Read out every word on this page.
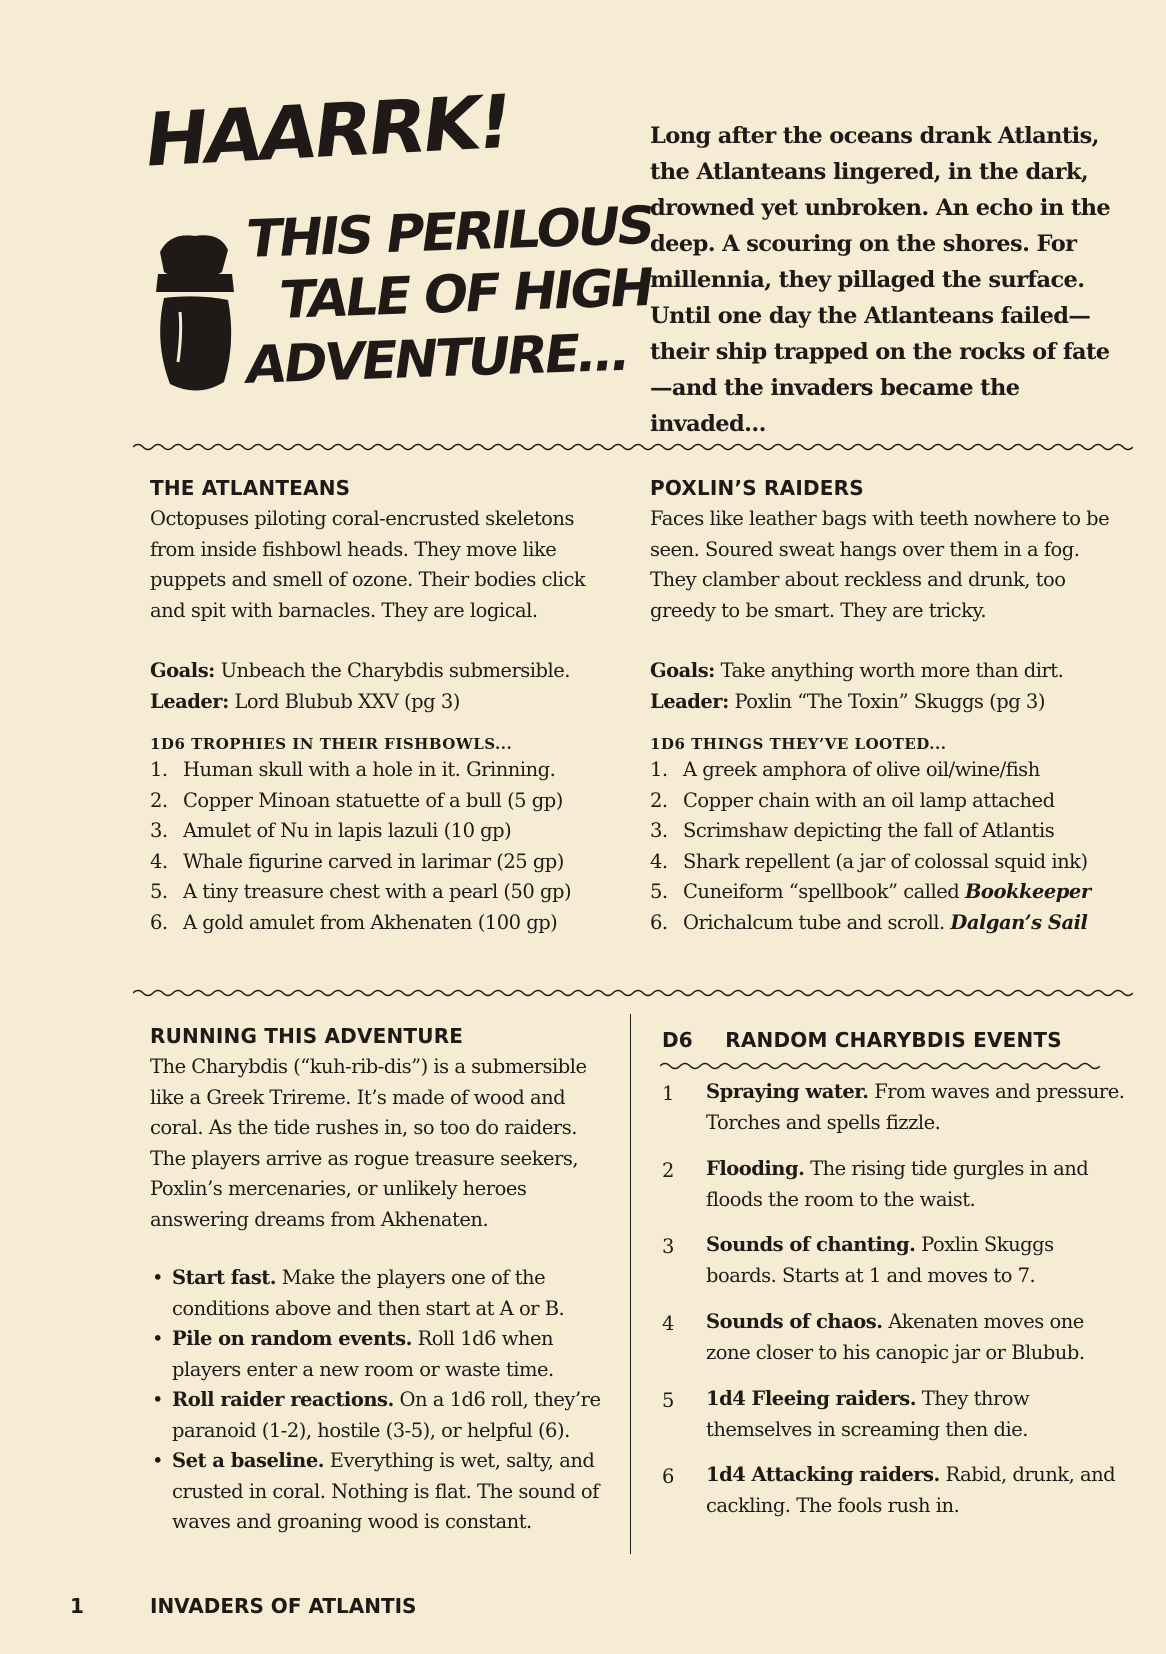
HAARRK!
THIS PERILOUS
TALE OF HIGH
ADVENTURE...
Long after the oceans drank Atlantis, the Atlanteans lingered, in the dark, drowned yet unbroken. An echo in the deep. A scouring on the shores. For millennia, they pillaged the surface. Until one day the Atlanteans failed—their ship trapped on the rocks of fate—and the invaders became the invaded...
THE ATLANTEANS
Octopuses piloting coral-encrusted skeletons from inside fishbowl heads. They move like puppets and smell of ozone. Their bodies click and spit with barnacles. They are logical.
Goals: Unbeach the Charybdis submersible.
Leader: Lord Blubub XXV (pg 3)
1D6 TROPHIES IN THEIR FISHBOWLS...
1. Human skull with a hole in it. Grinning.
2. Copper Minoan statuette of a bull (5 gp)
3. Amulet of Nu in lapis lazuli (10 gp)
4. Whale figurine carved in larimar (25 gp)
5. A tiny treasure chest with a pearl (50 gp)
6. A gold amulet from Akhenaten (100 gp)
POXLIN’S RAIDERS
Faces like leather bags with teeth nowhere to be seen. Soured sweat hangs over them in a fog. They clamber about reckless and drunk, too greedy to be smart. They are tricky.
Goals: Take anything worth more than dirt.
Leader: Poxlin “The Toxin” Skuggs (pg 3)
1D6 THINGS THEY’VE LOOTED...
1. A greek amphora of olive oil/wine/fish
2. Copper chain with an oil lamp attached
3. Scrimshaw depicting the fall of Atlantis
4. Shark repellent (a jar of colossal squid ink)
5. Cuneiform “spellbook” called Bookkeeper
6. Orichalcum tube and scroll. Dalgan’s Sail
RUNNING THIS ADVENTURE
The Charybdis (“kuh-rib-dis”) is a submersible like a Greek Trireme. It’s made of wood and coral. As the tide rushes in, so too do raiders. The players arrive as rogue treasure seekers, Poxlin’s mercenaries, or unlikely heroes answering dreams from Akhenaten.
• Start fast. Make the players one of the conditions above and then start at A or B.
• Pile on random events. Roll 1d6 when players enter a new room or waste time.
• Roll raider reactions. On a 1d6 roll, they’re paranoid (1-2), hostile (3-5), or helpful (6).
• Set a baseline. Everything is wet, salty, and crusted in coral. Nothing is flat. The sound of waves and groaning wood is constant.
D6 RANDOM CHARYBDIS EVENTS
1 Spraying water. From waves and pressure. Torches and spells fizzle.
2 Flooding. The rising tide gurgles in and floods the room to the waist.
3 Sounds of chanting. Poxlin Skuggs boards. Starts at 1 and moves to 7.
4 Sounds of chaos. Akenaten moves one zone closer to his canopic jar or Blubub.
5 1d4 Fleeing raiders. They throw themselves in screaming then die.
6 1d4 Attacking raiders. Rabid, drunk, and cackling. The fools rush in.
1	INVADERS OF ATLANTIS
